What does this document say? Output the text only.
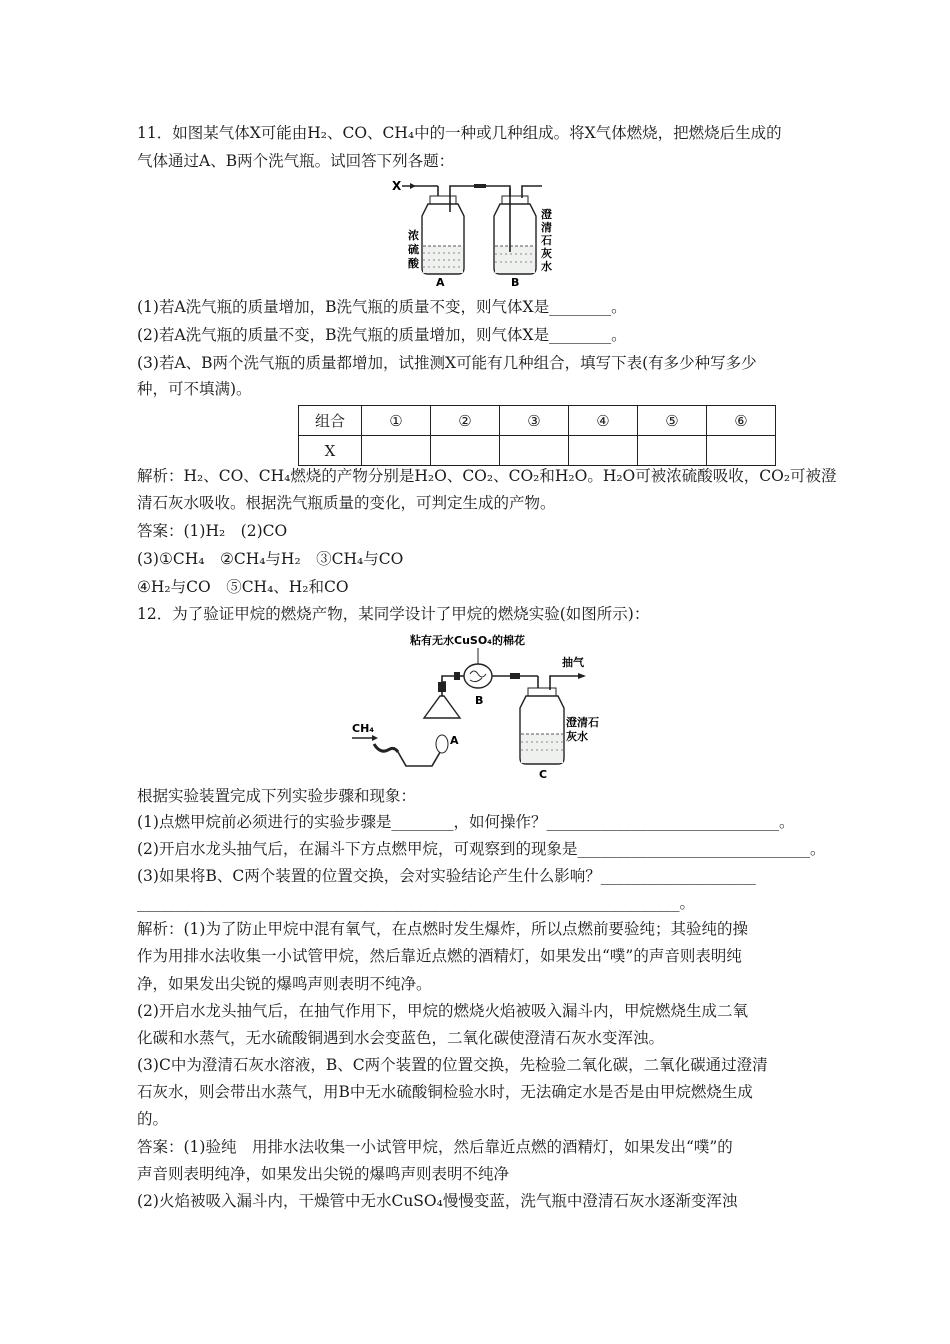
11．如图某气体X可能由H₂、CO、CH₄中的一种或几种组成。将X气体燃烧，把燃烧后生成的
气体通过A、B两个洗气瓶。试回答下列各题：
X
A	B
浓
硫
酸
澄
清
石
灰
水
(1)若A洗气瓶的质量增加，B洗气瓶的质量不变，则气体X是________。
(2)若A洗气瓶的质量不变，B洗气瓶的质量增加，则气体X是________。
(3)若A、B两个洗气瓶的质量都增加，试推测X可能有几种组合，填写下表(有多少种写多少
种，可不填满)。
组合	①	②	③	④	⑤	⑥
X						
解析：H₂、CO、CH₄燃烧的产物分别是H₂O、CO₂、CO₂和H₂O。H₂O可被浓硫酸吸收，CO₂可被澄
清石灰水吸收。根据洗气瓶质量的变化，可判定生成的产物。
答案：(1)H₂　(2)CO
(3)①CH₄　②CH₄与H₂　③CH₄与CO
④H₂与CO　⑤CH₄、H₂和CO
12．为了验证甲烷的燃烧产物，某同学设计了甲烷的燃烧实验(如图所示)：
粘有无水CuSO₄的棉花
CH₄
A
B
抽气
澄清石
灰水
C
根据实验装置完成下列实验步骤和现象：
(1)点燃甲烷前必须进行的实验步骤是________，如何操作？______________________________。
(2)开启水龙头抽气后，在漏斗下方点燃甲烷，可观察到的现象是______________________________。
(3)如果将B、C两个装置的位置交换，会对实验结论产生什么影响？____________________
______________________________________________________________________。
解析：(1)为了防止甲烷中混有氧气，在点燃时发生爆炸，所以点燃前要验纯；其验纯的操
作为用排水法收集一小试管甲烷，然后靠近点燃的酒精灯，如果发出“噗”的声音则表明纯
净，如果发出尖锐的爆鸣声则表明不纯净。
(2)开启水龙头抽气后，在抽气作用下，甲烷的燃烧火焰被吸入漏斗内，甲烷燃烧生成二氧
化碳和水蒸气，无水硫酸铜遇到水会变蓝色，二氧化碳使澄清石灰水变浑浊。
(3)C中为澄清石灰水溶液，B、C两个装置的位置交换，先检验二氧化碳，二氧化碳通过澄清
石灰水，则会带出水蒸气，用B中无水硫酸铜检验水时，无法确定水是否是由甲烷燃烧生成
的。
答案：(1)验纯　用排水法收集一小试管甲烷，然后靠近点燃的酒精灯，如果发出“噗”的
声音则表明纯净，如果发出尖锐的爆鸣声则表明不纯净
(2)火焰被吸入漏斗内，干燥管中无水CuSO₄慢慢变蓝，洗气瓶中澄清石灰水逐渐变浑浊
